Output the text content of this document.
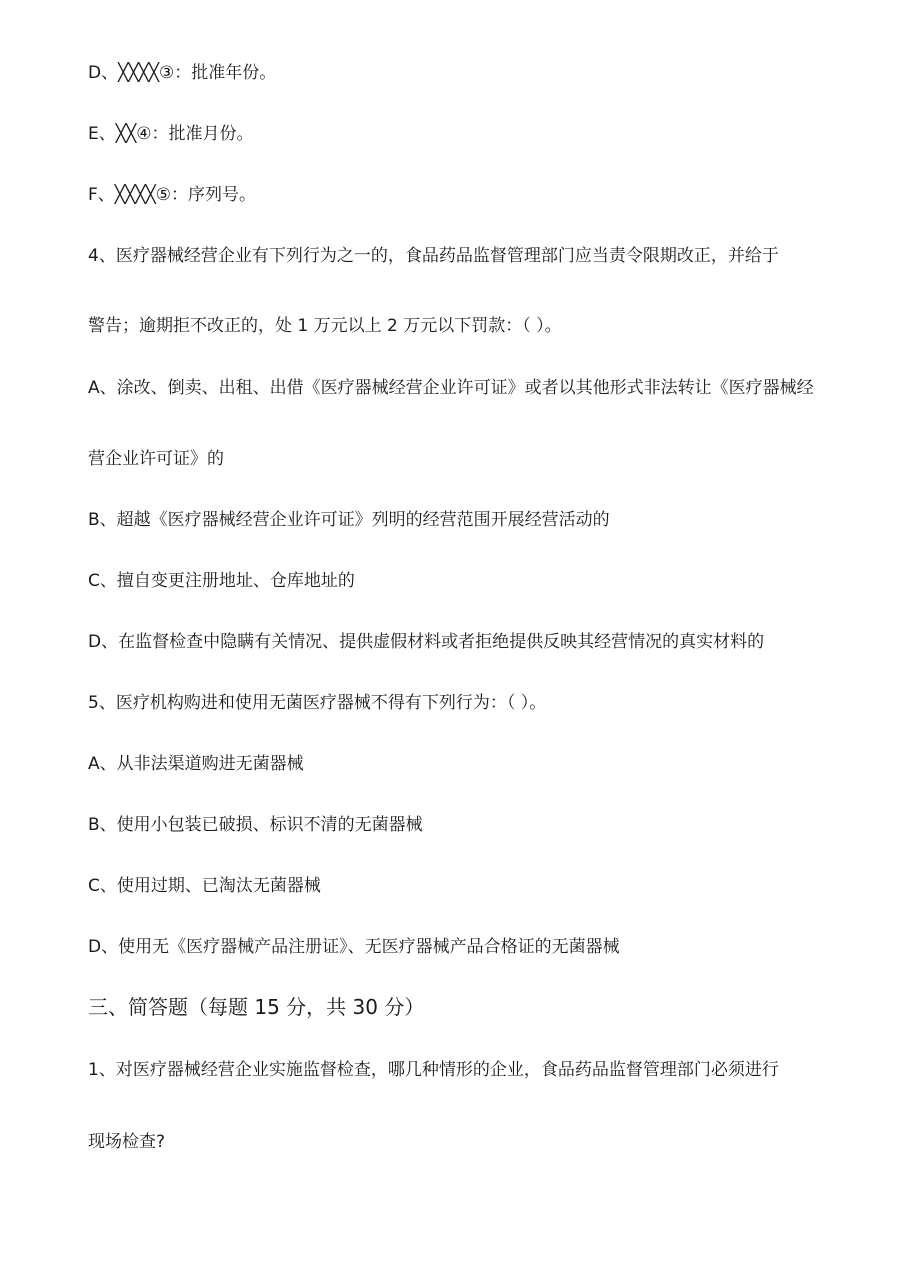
D、╳╳╳╳③：批准年份。
E、╳╳④：批准月份。
F、╳╳╳╳⑤：序列号。
4、医疗器械经营企业有下列行为之一的，食品药品监督管理部门应当责令限期改正，并给于
警告；逾期拒不改正的，处 1 万元以上 2 万元以下罚款：（ ）。
A、涂改、倒卖、出租、出借《医疗器械经营企业许可证》或者以其他形式非法转让《医疗器械经
营企业许可证》的
B、超越《医疗器械经营企业许可证》列明的经营范围开展经营活动的
C、擅自变更注册地址、仓库地址的
D、在监督检查中隐瞒有关情况、提供虚假材料或者拒绝提供反映其经营情况的真实材料的
5、医疗机构购进和使用无菌医疗器械不得有下列行为：（ ）。
A、从非法渠道购进无菌器械
B、使用小包装已破损、标识不清的无菌器械
C、使用过期、已淘汰无菌器械
D、使用无《医疗器械产品注册证》、无医疗器械产品合格证的无菌器械
三、简答题（每题 15 分，共 30 分）
1、对医疗器械经营企业实施监督检查，哪几种情形的企业，食品药品监督管理部门必须进行
现场检查?
